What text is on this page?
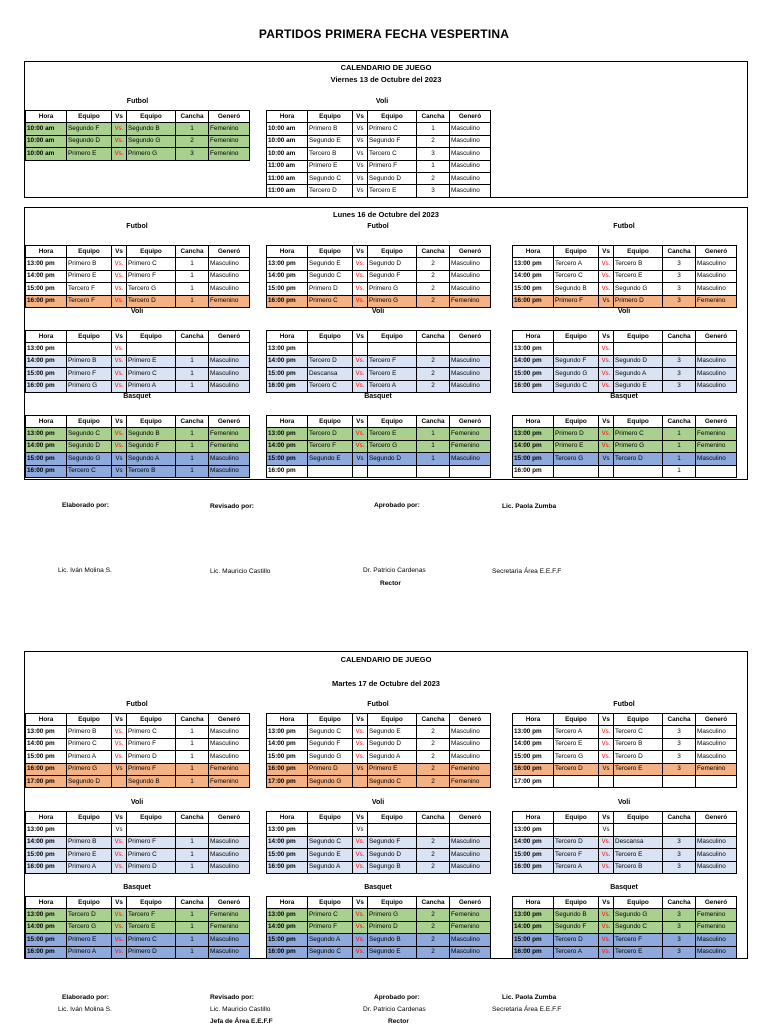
PARTIDOS PRIMERA FECHA VESPERTINA
CALENDARIO DE JUEGO
Viernes 13 de Octubre del 2023
Futbol	Voli
Hora	Equipo	Vs	Equipo	Cancha	Generó
10:00 am	Segundo F	Vs.	Segundo B	1	Femenino
10:00 am	Segundo D	Vs.	Segundo G	2	Femenino
10:00 am	Primero E	Vs.	Primero G	3	Femenino
Hora	Equipo	Vs	Equipo	Cancha	Generó
10:00 am	Primero B	Vs	Primero C	1	Masculino
10:00 am	Segundo E	Vs	Segundo F	2	Masculino
10:00 am	Tercero B	Vs	Tercero C	3	Masculino
11:00 am	Primero E	Vs	Primero F	1	Masculino
11:00 am	Segundo C	Vs	Segundo D	2	Masculino
11:00 am	Tercero D	Vs	Tercero E	3	Masculino
Lunes 16 de Octubre del 2023
Futbol	Futbol	Futbol
Voli	Voli	Voli
Basquet	Basquet	Basquet
Hora	Equipo	Vs	Equipo	Cancha	Generó
13:00 pm	Primero B	Vs.	Primero C	1	Masculino
14:00 pm	Primero E	Vs.	Primero F	1	Masculino
15:00 pm	Tercero F	Vs.	Tercero G	1	Masculino
16:00 pm	Tercero F	Vs.	Tercero D	1	Femenino
Hora	Equipo	Vs	Equipo	Cancha	Generó
13:00 pm	Segundo E	Vs.	Segundo D	2	Masculino
14:00 pm	Segundo C	Vs.	Segundo F	2	Masculino
15:00 pm	Primero D	Vs.	Primero G	2	Masculino
16:00 pm	Primero C	Vs.	Primero G	2	Femenino
Hora	Equipo	Vs	Equipo	Cancha	Generó
13:00 pm	Tercero A	Vs.	Tercero B	3	Masculino
14:00 pm	Tercero C	Vs.	Tercero E	3	Masculino
15:00 pm	Segundo B	Vs.	Segundo G	3	Masculino
16:00 pm	Primero F	Vs	Primero D	3	Femenino
Hora	Equipo	Vs	Equipo	Cancha	Generó
13:00 pm		Vs.			
14:00 pm	Primero B	Vs.	Primero E	1	Masculino
15:00 pm	Primero F	Vs.	Primero C	1	Masculino
16:00 pm	Primero G	Vs.	Primero A	1	Masculino
Hora	Equipo	Vs	Equipo	Cancha	Generó
13:00 pm					
14:00 pm	Tercero D	Vs.	Tercero F	2	Masculino
15:00 pm	Descansa	Vs.	Tercero E	2	Masculino
16:00 pm	Tercero C	Vs.	Tercero A	2	Masculino
Hora	Equipo	Vs	Equipo	Cancha	Generó
13:00 pm		Vs.			
14:00 pm	Segundo F	Vs.	Segundo D	3	Masculino
15:00 pm	Segundo G	Vs.	Segundo A	3	Masculino
16:00 pm	Segundo C	Vs.	Segundo E	3	Masculino
Hora	Equipo	Vs	Equipo	Cancha	Generó
13:00 pm	Segundo C	Vs.	Segundo B	1	Femenino
14:00 pm	Segundo D	Vs.	Segundo F	1	Femenino
15:00 pm	Segundo G	Vs	Segundo A	1	Masculino
16:00 pm	Tercero C	Vs	Tercero B	1	Masculino
Hora	Equipo	Vs	Equipo	Cancha	Generó
13:00 pm	Tercero D	Vs.	Tercero E	1	Femenino
14:00 pm	Tercero F	Vs.	Tercero G	1	Femenino
15:00 pm	Segundo E	Vs	Segundo D	1	Masculino
16:00 pm					
Hora	Equipo	Vs	Equipo	Cancha	Generó
13:00 pm	Primero D	Vs.	Primero C	1	Femenino
14:00 pm	Primero E	Vs.	Primero G	1	Femenino
15:00 pm	Tercero G	Vs	Tercero D	1	Masculino
16:00 pm				1	
Elaborado por:	Revisado por:	Aprobado por:	Lic. Paola Zumba
Lic. Iván Molina S.	Lic. Mauricio Castillo	Dr. Patricio Cardenas	Secretaria Área E.E.F.F
Rector
CALENDARIO DE JUEGO
Martes 17 de Octubre del 2023
Futbol	Futbol	Futbol
Voli	Voli	Voli
Basquet	Basquet	Basquet
Hora	Equipo	Vs	Equipo	Cancha	Generó
13:00 pm	Primero B	Vs.	Primero C	1	Masculino
14:00 pm	Primero C	Vs.	Primero F	1	Masculino
15:00 pm	Primero A	Vs.	Primero D	1	Masculino
16:00 pm	Primero G	Vs	Primero F	1	Femenino
17:00 pm	Segundo D		Segundo B	1	Femenino
Hora	Equipo	Vs	Equipo	Cancha	Generó
13:00 pm	Segundo C	Vs.	Segundo E	2	Masculino
14:00 pm	Segundo F	Vs.	Segundo D	2	Masculino
15:00 pm	Segundo G	Vs.	Segundo A	2	Masculino
16:00 pm	Primero D	Vs	Primero E	2	Femenino
17:00 pm	Segundo G		Segundo C	2	Femenino
Hora	Equipo	Vs	Equipo	Cancha	Generó
13:00 pm	Tercero A	Vs.	Tercero C	3	Masculino
14:00 pm	Tercero E	Vs.	Tercero B	3	Masculino
15:00 pm	Tercero G	Vs.	Tercero D	3	Masculino
16:00 pm	Tercero D	Vs	Tercero E	3	Femenino
17:00 pm					
Hora	Equipo	Vs	Equipo	Cancha	Generó
13:00 pm		Vs			
14:00 pm	Primero B	Vs.	Primero F	1	Masculino
15:00 pm	Primero E	Vs.	Primero C	1	Masculino
16:00 pm	Primero A	Vs.	Primero D	1	Masculino
Hora	Equipo	Vs	Equipo	Cancha	Generó
13:00 pm		Vs			
14:00 pm	Segundo C	Vs.	Segundo F	2	Masculino
15:00 pm	Segundo E	Vs.	Segundo D	2	Masculino
16:00 pm	Segundo A	Vs.	Segungo B	2	Masculino
Hora	Equipo	Vs	Equipo	Cancha	Generó
13:00 pm		Vs			
14:00 pm	Tercero D	Vs.	Descansa	3	Masculino
15:00 pm	Tercero F	Vs.	Tercero E	3	Masculino
16:00 pm	Tercero A	Vs.	Tercero B	3	Masculino
Hora	Equipo	Vs	Equipo	Cancha	Generó
13:00 pm	Tercero D	Vs.	Tercero F	1	Femenino
14:00 pm	Tercero G	Vs.	Tercero E	1	Femenino
15:00 pm	Primero E	Vs.	Primero C	1	Masculino
16:00 pm	Primero A	Vs.	Primero D	1	Masculino
Hora	Equipo	Vs	Equipo	Cancha	Generó
13:00 pm	Primero C	Vs.	Primero G	2	Femenino
14:00 pm	Primero F	Vs.	Primero D	2	Femenino
15:00 pm	Segundo A	Vs.	Segundo B	2	Masculino
16:00 pm	Segundo C	Vs.	Segundo E	2	Masculino
Hora	Equipo	Vs	Equipo	Cancha	Generó
13:00 pm	Segundo B	Vs.	Segundo G	3	Femenino
14:00 pm	Segundo F	Vs.	Segundo C	3	Femenino
15:00 pm	Tercero D	Vs.	Tercero F	3	Masculino
16:00 pm	Tercero A	Vs.	Tercero E	3	Masculino
Elaborado por:	Revisado por:	Aprobado por:	Lic. Paola Zumba
Lic. Iván Molina S.	Lic. Mauricio Castillo	Dr. Patricio Cardenas	Secretaria Área E.E.F.F
Jefa de Área E.E.F.F	Rector
